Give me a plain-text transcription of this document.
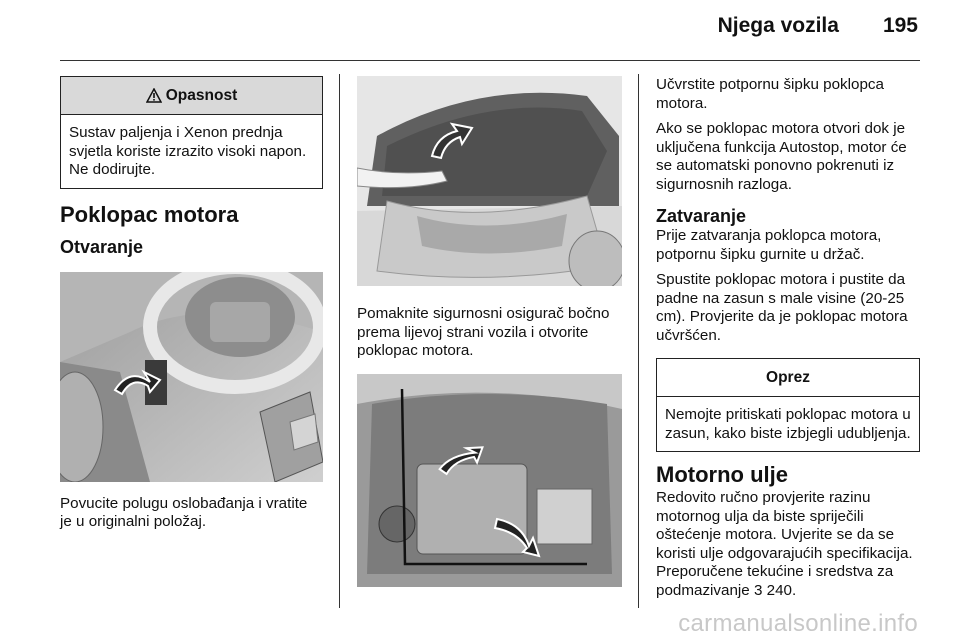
Njega vozila 195
Opasnost
Sustav paljenja i Xenon prednja svjetla koriste izrazito visoki napon. Ne dodirujte.
Poklopac motora
Otvaranje

Povucite polugu oslobađanja i vratite je u originalni položaj.

Pomaknite sigurnosni osigurač bočno prema lijevoj strani vozila i otvorite poklopac motora.

Učvrstite potpornu šipku poklopca motora.

Ako se poklopac motora otvori dok je uključena funkcija Autostop, motor će se automatski ponovno pokrenuti iz sigurnosnih razloga.

Zatvaranje

Prije zatvaranja poklopca motora, potpornu šipku gurnite u držač.

Spustite poklopac motora i pustite da padne na zasun s male visine (20-25 cm). Provjerite da je poklopac motora učvršćen.

Oprez
Nemojte pritiskati poklopac motora u zasun, kako biste izbjegli udubljenja.
Motorno ulje

Redovito ručno provjerite razinu motornog ulja da biste spriječili oštećenje motora. Uvjerite se da se koristi ulje odgovarajućih specifikacija. Preporučene tekućine i sredstva za podmazivanje 3 240.

carmanualsonline.info
